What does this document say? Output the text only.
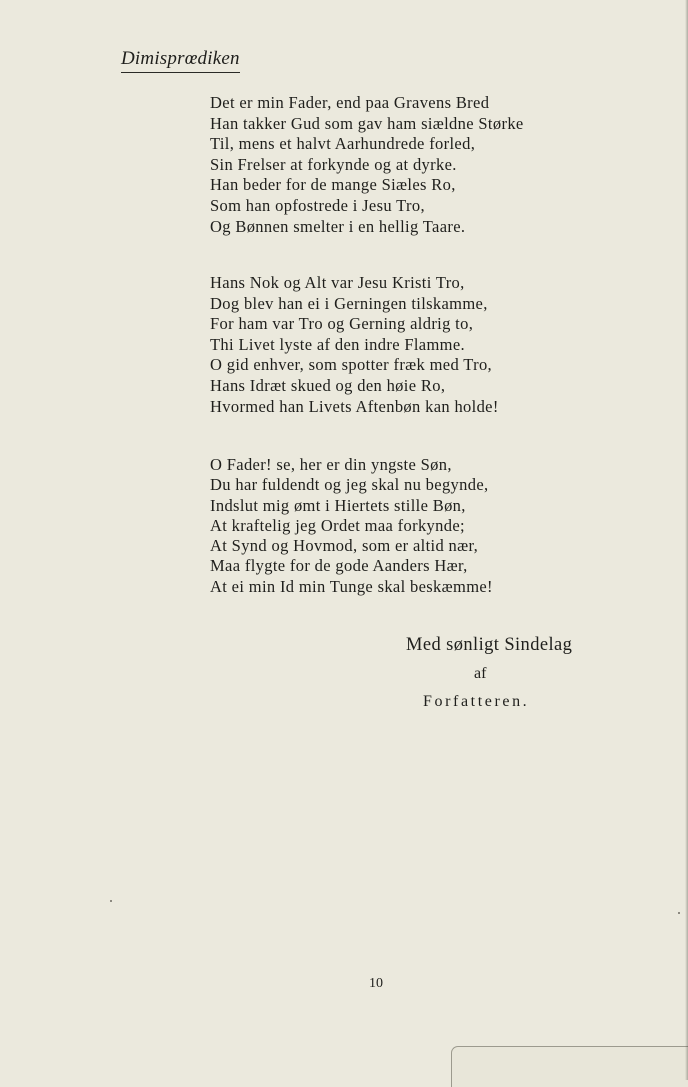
Dimisprœdiken
Det er min Fader, end paa Gravens Bred
Han takker Gud som gav ham siældne Størke
Til, mens et halvt Aarhundrede forled,
Sin Frelser at forkynde og at dyrke.
Han beder for de mange Siæles Ro,
Som han opfostrede i Jesu Tro,
Og Bønnen smelter i en hellig Taare.
Hans Nok og Alt var Jesu Kristi Tro,
Dog blev han ei i Gerningen tilskamme,
For ham var Tro og Gerning aldrig to,
Thi Livet lyste af den indre Flamme.
O gid enhver, som spotter fræk med Tro,
Hans Idræt skued og den høie Ro,
Hvormed han Livets Aftenbøn kan holde!
O Fader! se, her er din yngste Søn,
Du har fuldendt og jeg skal nu begynde,
Indslut mig ømt i Hiertets stille Bøn,
At kraftelig jeg Ordet maa forkynde;
At Synd og Hovmod, som er altid nær,
Maa flygte for de gode Aanders Hær,
At ei min Id min Tunge skal beskæmme!
Med sønligt Sindelag
af
Forfatteren.
10
